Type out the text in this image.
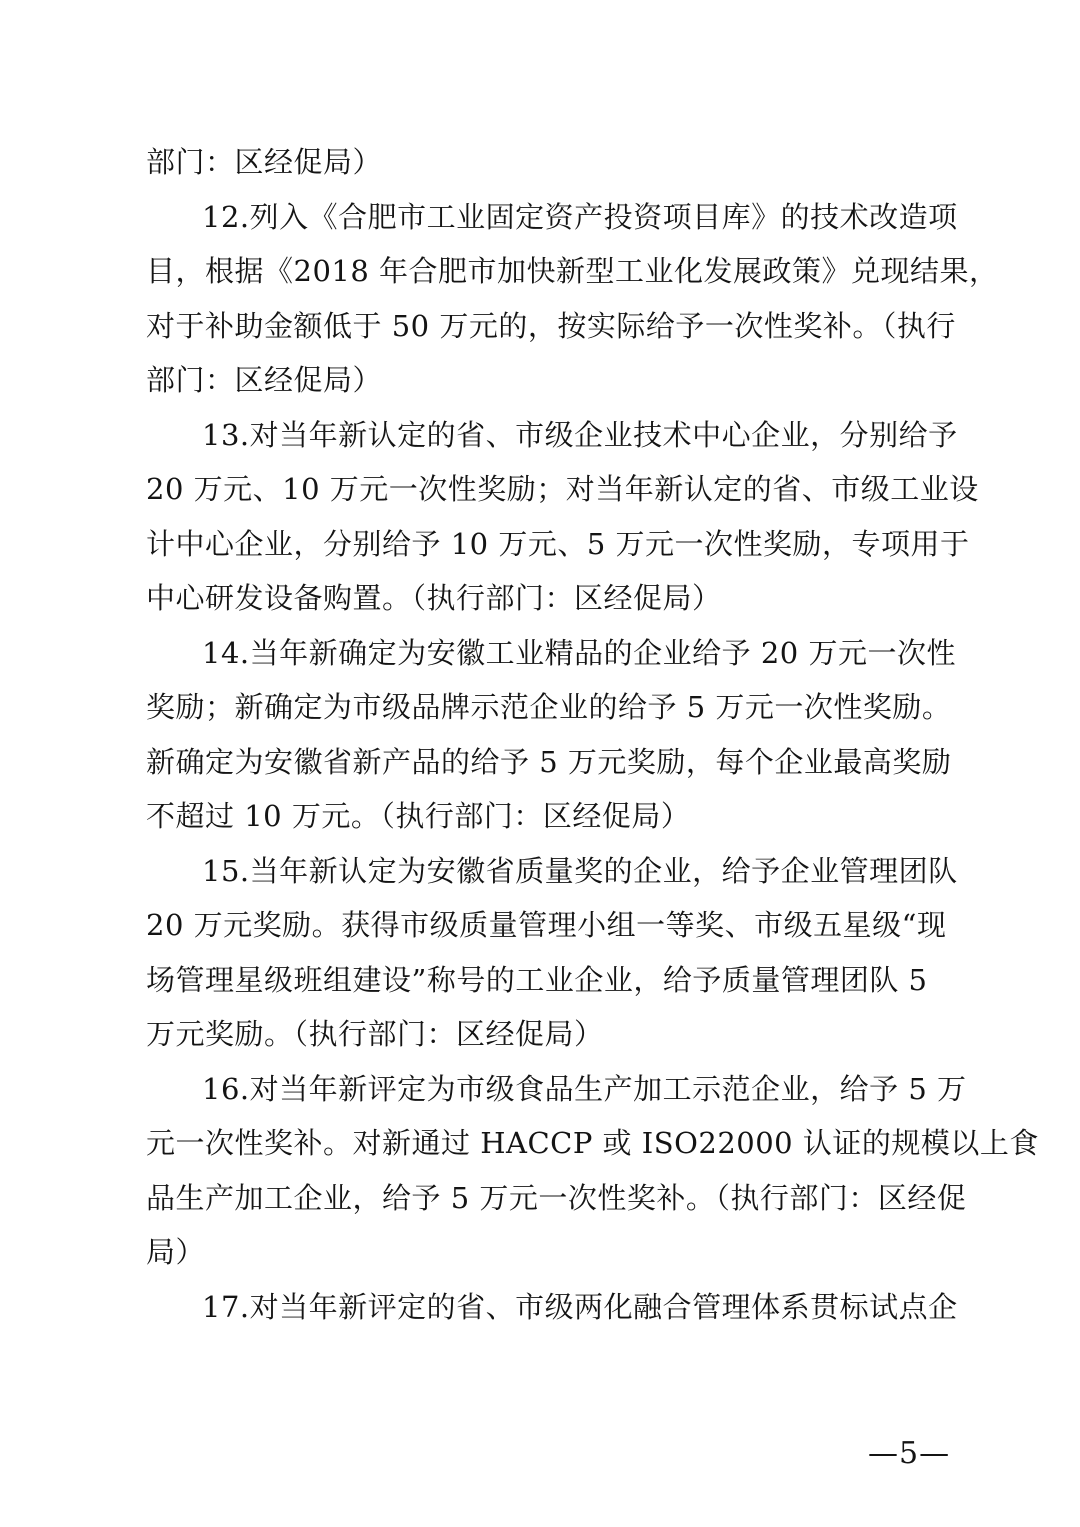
部门：区经促局）
12.列入《合肥市工业固定资产投资项目库》的技术改造项
目，根据《2018 年合肥市加快新型工业化发展政策》兑现结果，
对于补助金额低于 50 万元的，按实际给予一次性奖补。（执行
部门：区经促局）
13.对当年新认定的省、市级企业技术中心企业，分别给予
20 万元、10 万元一次性奖励；对当年新认定的省、市级工业设
计中心企业，分别给予 10 万元、5 万元一次性奖励，专项用于
中心研发设备购置。（执行部门：区经促局）
14.当年新确定为安徽工业精品的企业给予 20 万元一次性
奖励；新确定为市级品牌示范企业的给予 5 万元一次性奖励。
新确定为安徽省新产品的给予 5 万元奖励，每个企业最高奖励
不超过 10 万元。（执行部门：区经促局）
15.当年新认定为安徽省质量奖的企业，给予企业管理团队
20 万元奖励。获得市级质量管理小组一等奖、市级五星级“现
场管理星级班组建设”称号的工业企业，给予质量管理团队 5
万元奖励。（执行部门：区经促局）
16.对当年新评定为市级食品生产加工示范企业，给予 5 万
元一次性奖补。对新通过 HACCP 或 ISO22000 认证的规模以上食
品生产加工企业，给予 5 万元一次性奖补。（执行部门：区经促
局）
17.对当年新评定的省、市级两化融合管理体系贯标试点企
—5—
